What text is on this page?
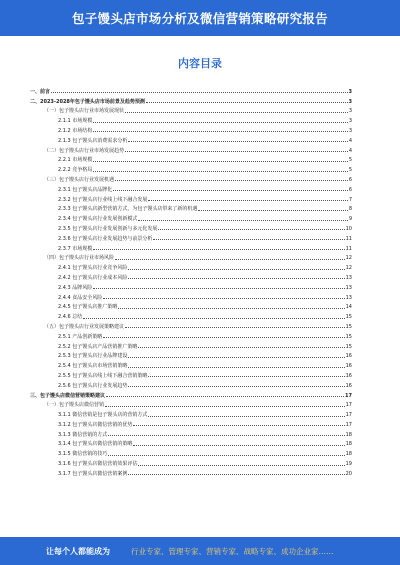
包子馒头店市场分析及微信营销策略研究报告
内容目录
一、前言	3
二、2023-2028年包子馒头店市场前景及趋势预测	3
（一）包子馒头店行业市场发展现状	3
2.1.1 市场规模	3
2.1.2 市场结构	3
2.1.3 包子馒头店消费需求分析	4
（二）包子馒头店行业市场发展趋势	4
2.2.1 市场规模	5
2.2.2 竞争格局	5
（三）包子馒头店行业发展机遇	6
2.3.1 包子馒头店品牌化	6
2.3.2 包子馒头店行业线上线下融合发展	7
2.3.3 包子馒头店新型营销方式，为包子馒头店带来了新的机遇	8
2.3.4 包子馒头店行业发展创新模式	9
2.3.5 包子馒头店行业发展创新与多元化发展	10
2.3.6 包子馒头店行业发展趋势与前景分析	11
2.3.7 市场规模	11
（四）包子馒头店行业市场风险	12
2.4.1 包子馒头店行业竞争风险	12
2.4.2 包子馒头店行业成本风险	13
2.4.3 品牌风险	13
2.4.4 食品安全风险	13
2.4.5 包子馒头店推广策略	14
2.4.6 总结	15
（五）包子馒头店行业发展策略建议	15
2.5.1 产品创新策略	15
2.5.2 包子馒头店产品营销推广策略	15
2.5.3 包子馒头店行业品牌建设	16
2.5.4 包子馒头店市场营销策略	16
2.5.5 包子馒头店线上线下融合营销策略	16
2.5.6 包子馒头店行业发展趋势	16
三、包子馒头店微信营销策略建议	17
（一）包子馒头店微信营销	17
3.1.1 微信营销是包子馒头店的营销方式	17
3.1.2 包子馒头店微信营销的优势	17
3.1.3 微信营销的方式	18
3.1.4 包子馒头店微信营销的策略	18
3.1.5 微信营销的技巧	18
3.1.6 包子馒头店微信营销效果评估	19
3.1.7 包子馒头店微信营销案例	20
让每个人都能成为	行业专家、管理专家、营销专家、战略专家、成功企业家……
